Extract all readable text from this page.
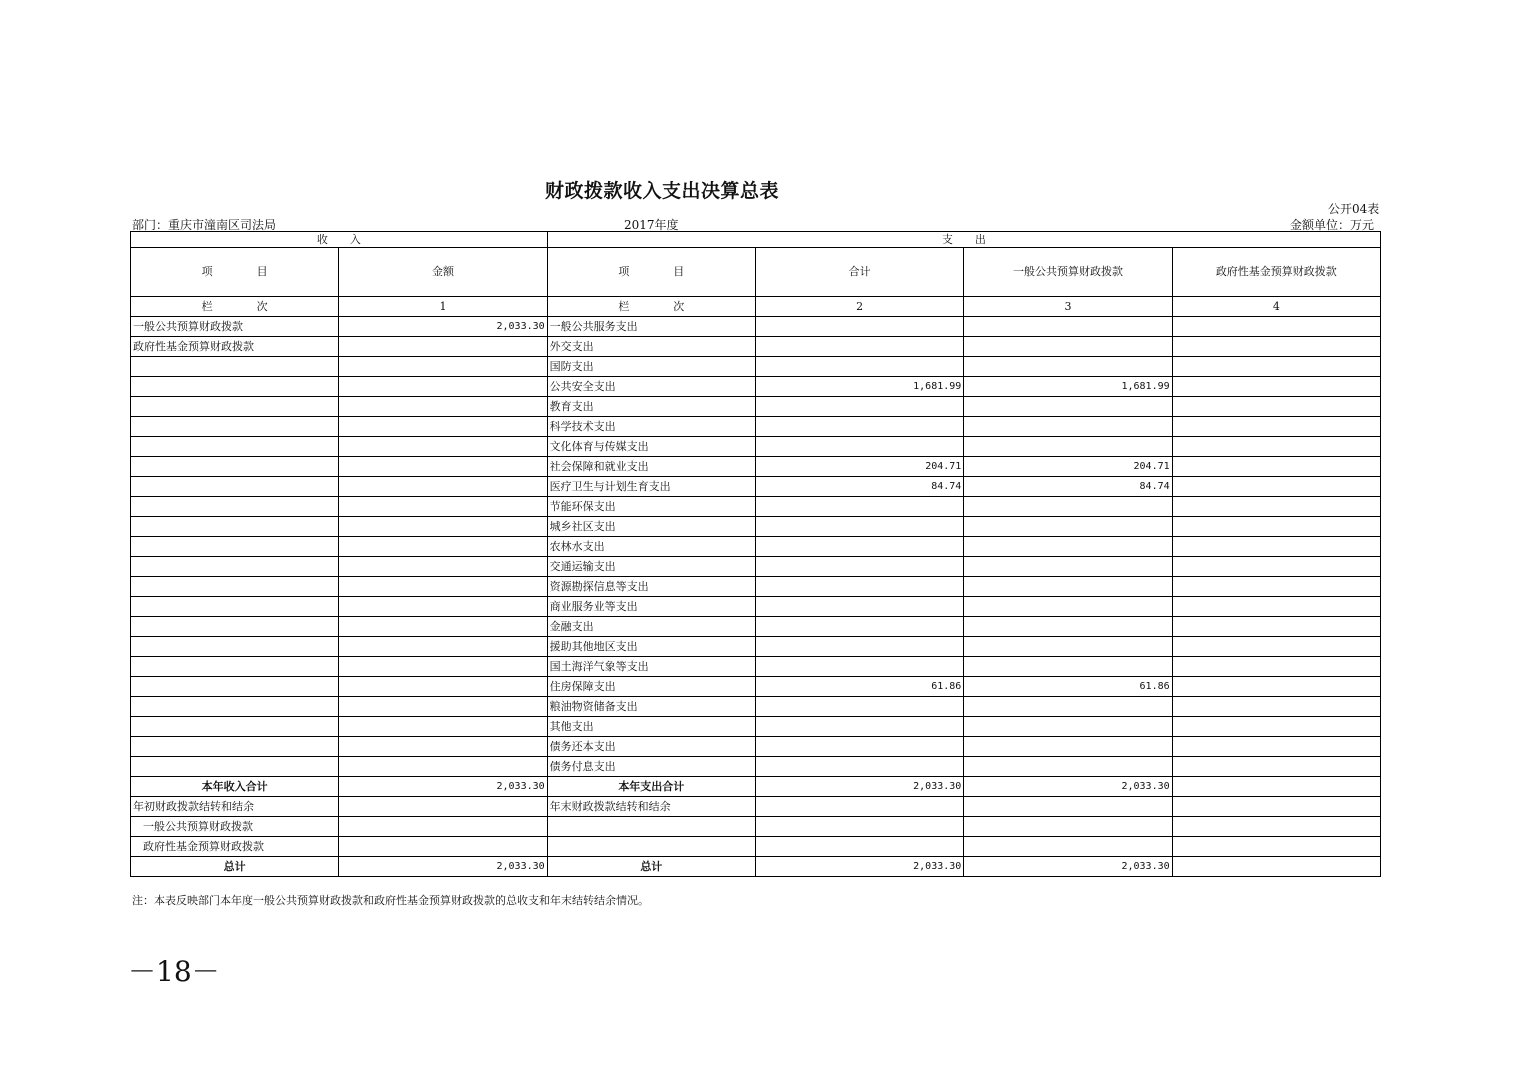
财政拨款收入支出决算总表
公开04表
部门：重庆市潼南区司法局	2017年度	金额单位：万元
收　　入		支　　出			
项　　　　目	金额	项　　　　目	合计	一般公共预算财政拨款	政府性基金预算财政拨款
栏　　　　次	1	栏　　　　次	2	3	4
一般公共预算财政拨款	2,033.30	一般公共服务支出			
政府性基金预算财政拨款		外交支出			
		国防支出			
		公共安全支出	1,681.99	1,681.99	
		教育支出			
		科学技术支出			
		文化体育与传媒支出			
		社会保障和就业支出	204.71	204.71	
		医疗卫生与计划生育支出	84.74	84.74	
		节能环保支出			
		城乡社区支出			
		农林水支出			
		交通运输支出			
		资源勘探信息等支出			
		商业服务业等支出			
		金融支出			
		援助其他地区支出			
		国土海洋气象等支出			
		住房保障支出	61.86	61.86	
		粮油物资储备支出			
		其他支出			
		债务还本支出			
		债务付息支出			
本年收入合计	2,033.30	本年支出合计	2,033.30	2,033.30	
年初财政拨款结转和结余		年末财政拨款结转和结余			
一般公共预算财政拨款					
政府性基金预算财政拨款					
总计	2,033.30	总计	2,033.30	2,033.30	
注：本表反映部门本年度一般公共预算财政拨款和政府性基金预算财政拨款的总收支和年末结转结余情况。
－18－
